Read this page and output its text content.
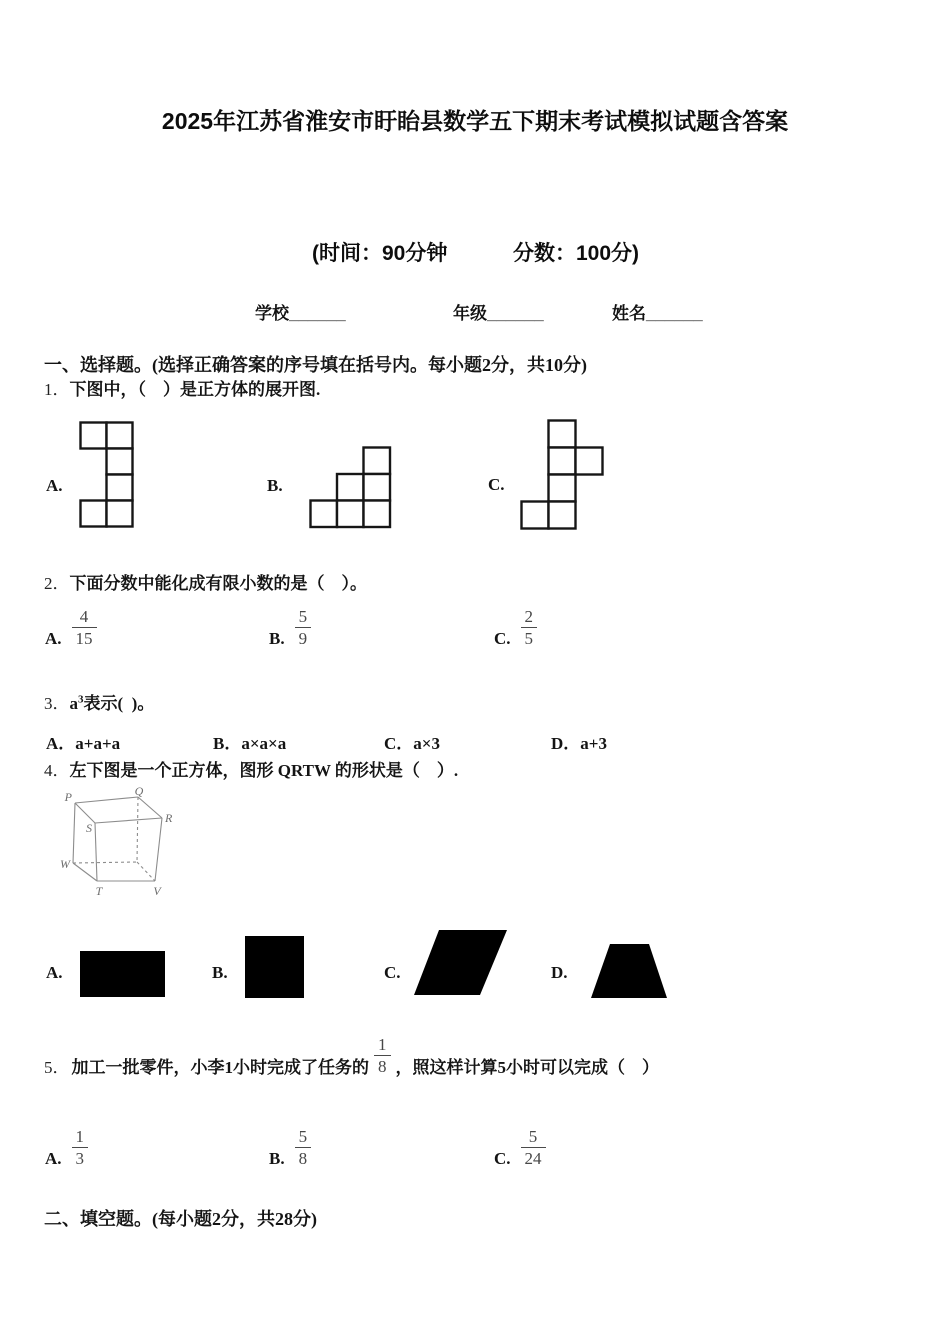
2025年江苏省淮安市盱眙县数学五下期末考试模拟试题含答案
(时间：90分钟	分数：100分)
学校______	年级______	姓名______
一、选择题。(选择正确答案的序号填在括号内。每小题2分，共10分)
1．下图中，（　）是正方体的展开图.
A.	B.	C.
2．下面分数中能化成有限小数的是（　）。
A. $\frac{4}{15}$	B. $\frac{5}{9}$	C. $\frac{2}{5}$
3．$a^3$表示(  )。
A．a+a+a	B．a×a×a	C．a×3	D．a+3
4．左下图是一个正方体，图形 QRTW 的形状是（　）.
P	Q
S
R
W
T	V
A.	B.	C.	D.
5． 加工一批零件，小李1小时完成了任务的 $\frac{1}{8}$ ，照这样计算5小时可以完成（　）
A. $\frac{1}{3}$	B. $\frac{5}{8}$	C. $\frac{5}{24}$
二、填空题。(每小题2分，共28分)
